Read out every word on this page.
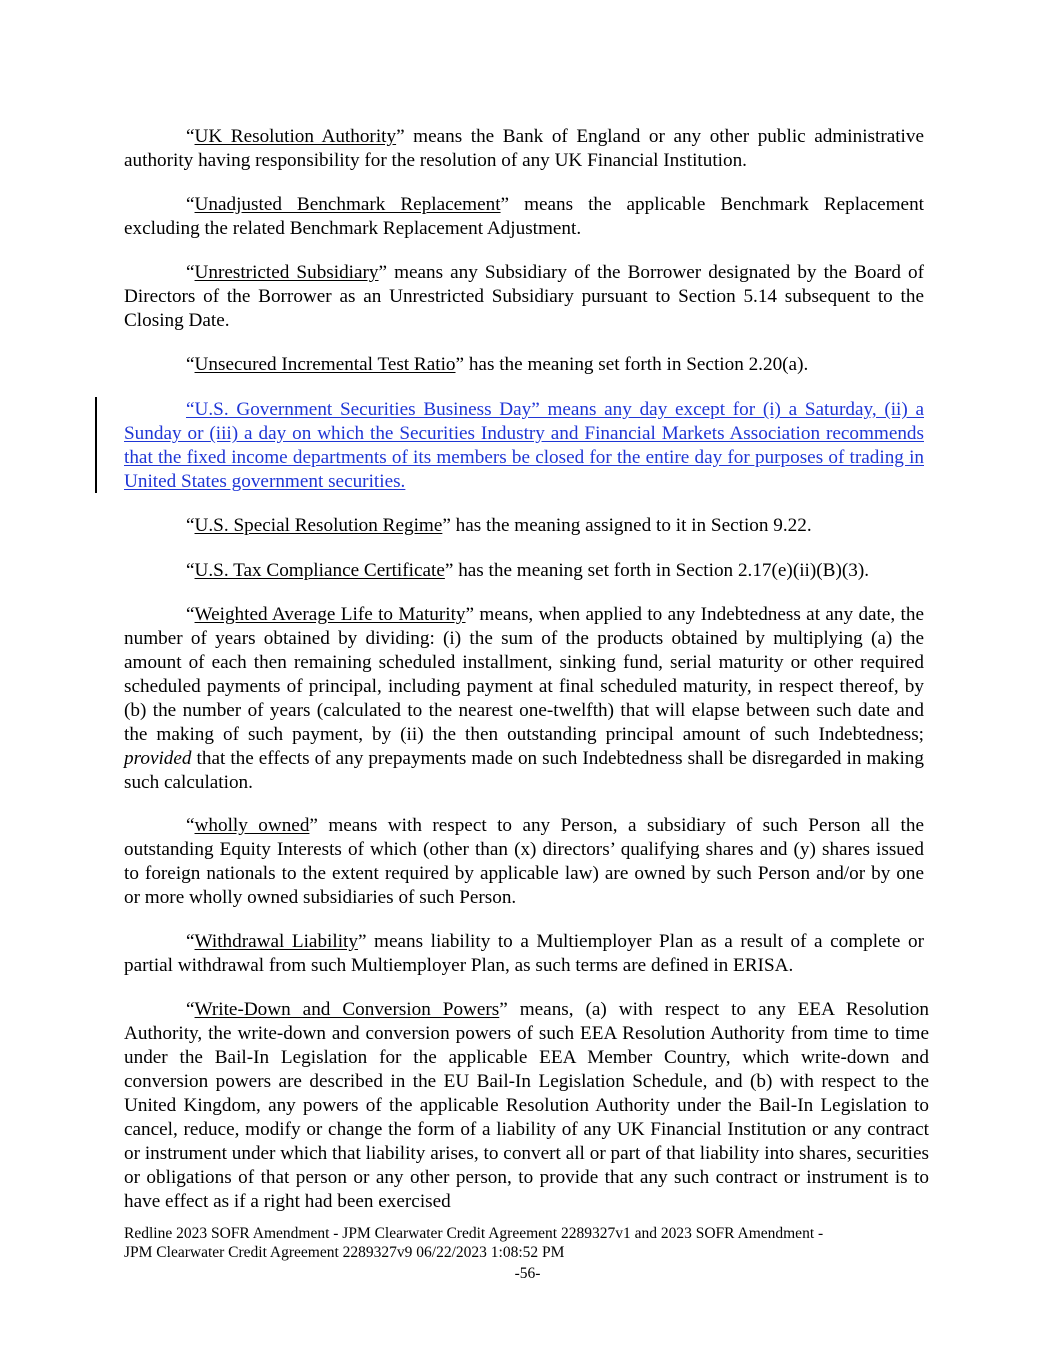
“UK Resolution Authority” means the Bank of England or any other public administrative authority having responsibility for the resolution of any UK Financial Institution.

“Unadjusted Benchmark Replacement” means the applicable Benchmark Replacement excluding the related Benchmark Replacement Adjustment.

“Unrestricted Subsidiary” means any Subsidiary of the Borrower designated by the Board of Directors of the Borrower as an Unrestricted Subsidiary pursuant to Section 5.14 subsequent to the Closing Date.

“Unsecured Incremental Test Ratio” has the meaning set forth in Section 2.20(a).

“U.S. Government Securities Business Day” means any day except for (i) a Saturday, (ii) a Sunday or (iii) a day on which the Securities Industry and Financial Markets Association recommends that the fixed income departments of its members be closed for the entire day for purposes of trading in United States government securities.

“U.S. Special Resolution Regime” has the meaning assigned to it in Section 9.22.

“U.S. Tax Compliance Certificate” has the meaning set forth in Section 2.17(e)(ii)(B)(3).

“Weighted Average Life to Maturity” means, when applied to any Indebtedness at any date, the number of years obtained by dividing: (i) the sum of the products obtained by multiplying (a) the amount of each then remaining scheduled installment, sinking fund, serial maturity or other required scheduled payments of principal, including payment at final scheduled maturity, in respect thereof, by (b) the number of years (calculated to the nearest one-twelfth) that will elapse between such date and the making of such payment, by (ii) the then outstanding principal amount of such Indebtedness; provided that the effects of any prepayments made on such Indebtedness shall be disregarded in making such calculation.

“wholly owned” means with respect to any Person, a subsidiary of such Person all the outstanding Equity Interests of which (other than (x) directors’ qualifying shares and (y) shares issued to foreign nationals to the extent required by applicable law) are owned by such Person and/or by one or more wholly owned subsidiaries of such Person.

“Withdrawal Liability” means liability to a Multiemployer Plan as a result of a complete or partial withdrawal from such Multiemployer Plan, as such terms are defined in ERISA.

“Write-Down and Conversion Powers” means, (a) with respect to any EEA Resolution Authority, the write-down and conversion powers of such EEA Resolution Authority from time to time under the Bail-In Legislation for the applicable EEA Member Country, which write-down and conversion powers are described in the EU Bail-In Legislation Schedule, and (b) with respect to the United Kingdom, any powers of the applicable Resolution Authority under the Bail-In Legislation to cancel, reduce, modify or change the form of a liability of any UK Financial Institution or any contract or instrument under which that liability arises, to convert all or part of that liability into shares, securities or obligations of that person or any other person, to provide that any such contract or instrument is to have effect as if a right had been exercised

Redline 2023 SOFR Amendment - JPM Clearwater Credit Agreement 2289327v1 and 2023 SOFR Amendment -
JPM Clearwater Credit Agreement 2289327v9 06/22/2023 1:08:52 PM
-56-
